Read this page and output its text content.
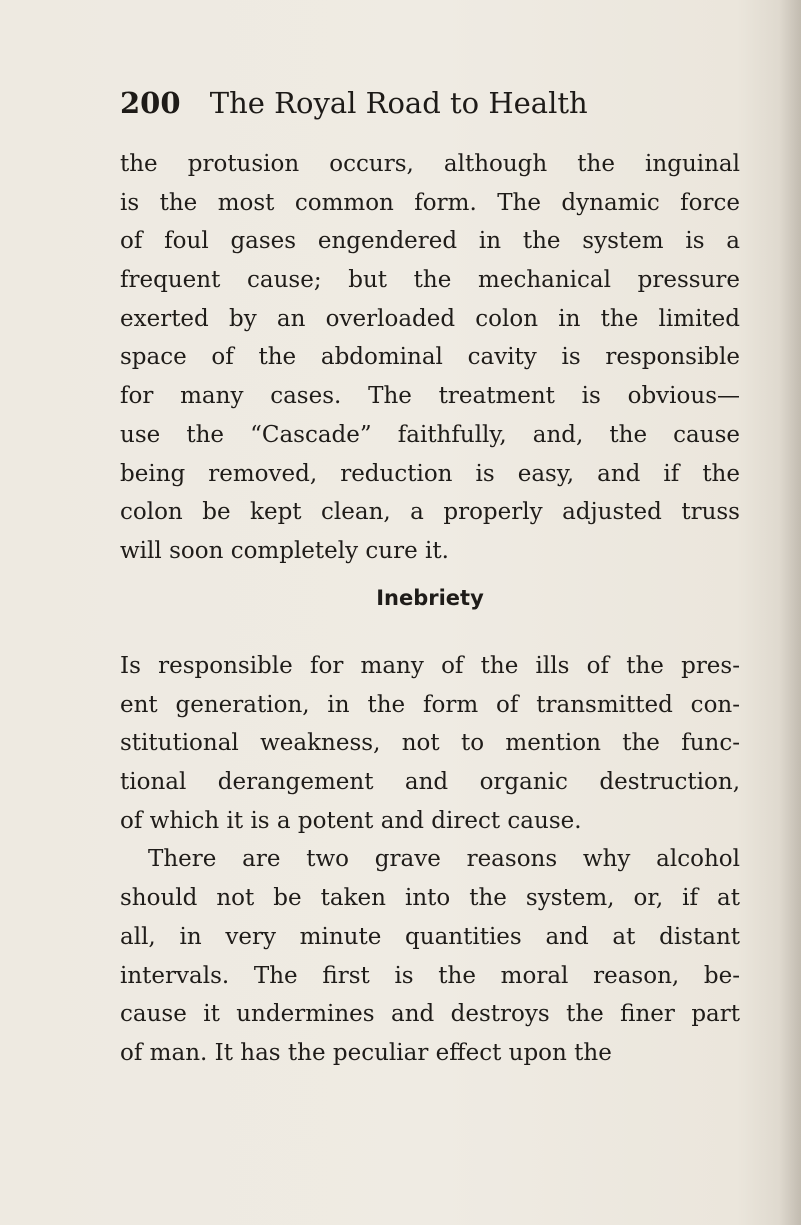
200 The Royal Road to Health
the protusion occurs, although the inguinal
is the most common form. The dynamic force
of foul gases engendered in the system is a
frequent cause; but the mechanical pressure
exerted by an overloaded colon in the limited
space of the abdominal cavity is responsible
for many cases. The treatment is obvious—
use the “Cascade” faithfully, and, the cause
being removed, reduction is easy, and if the
colon be kept clean, a properly adjusted truss
will soon completely cure it.
Inebriety
Is responsible for many of the ills of the pres-
ent generation, in the form of transmitted con-
stitutional weakness, not to mention the func-
tional derangement and organic destruction,
of which it is a potent and direct cause.
There are two grave reasons why alcohol
should not be taken into the system, or, if at
all, in very minute quantities and at distant
intervals. The first is the moral reason, be-
cause it undermines and destroys the finer part
of man. It has the peculiar effect upon the
